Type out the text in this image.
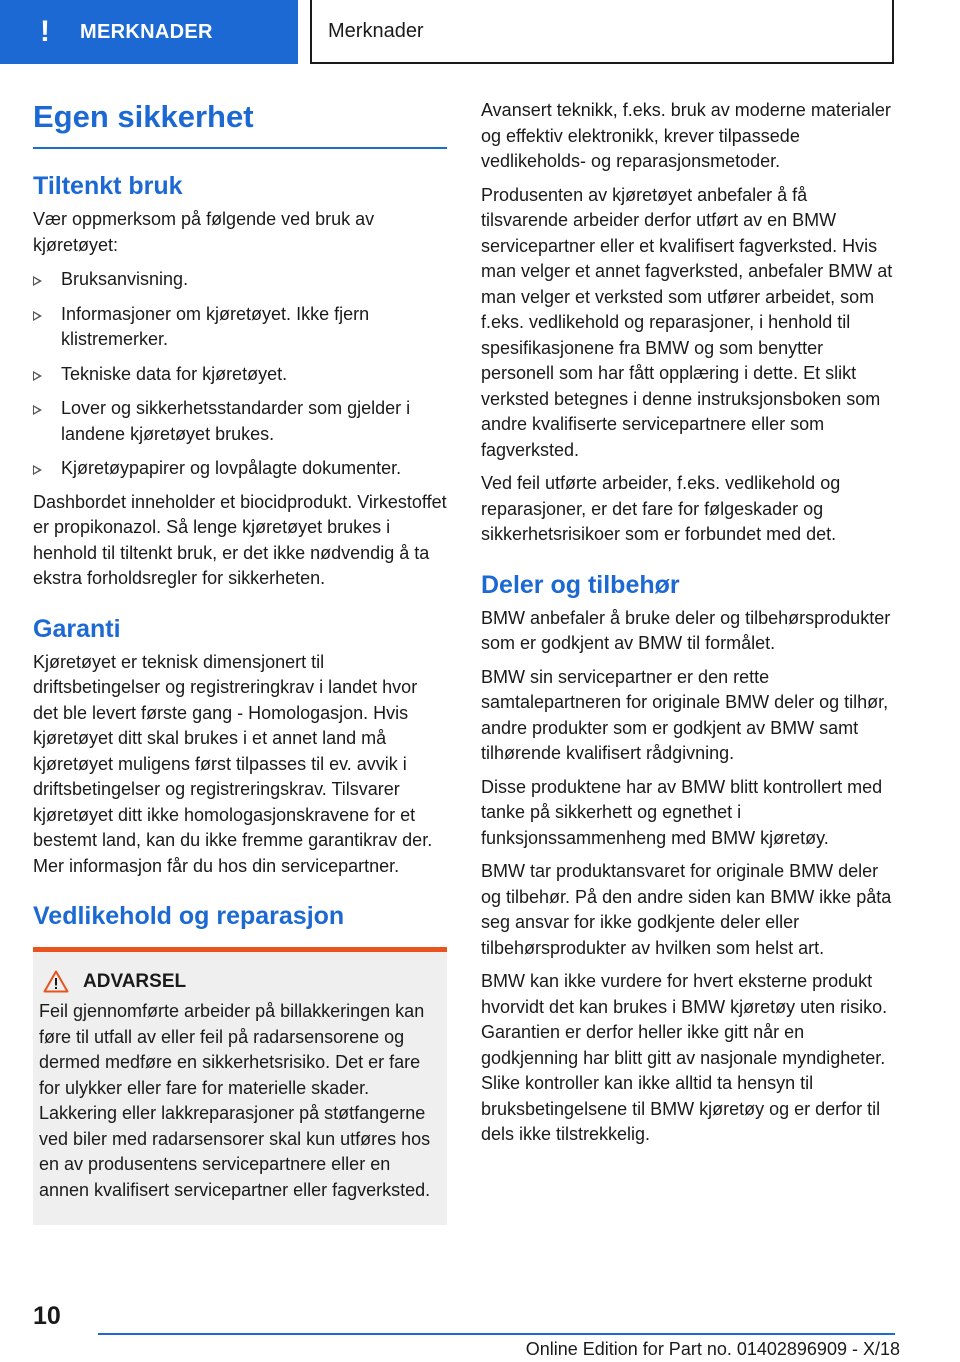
! MERKNADER	Merknader
Egen sikkerhet
Tiltenkt bruk

Vær oppmerksom på følgende ved bruk av kjøretøyet:

Bruksanvisning.
Informasjoner om kjøretøyet. Ikke fjern klistremerker.
Tekniske data for kjøretøyet.
Lover og sikkerhetsstandarder som gjelder i landene kjøretøyet brukes.
Kjøretøypapirer og lovpålagte dokumenter.

Dashbordet inneholder et biocidprodukt. Virkestoffet er propikonazol. Så lenge kjøretøyet brukes i henhold til tiltenkt bruk, er det ikke nødvendig å ta ekstra forholdsregler for sikkerheten.

Garanti

Kjøretøyet er teknisk dimensjonert til driftsbetingelser og registreringkrav i landet hvor det ble levert første gang - Homologasjon. Hvis kjøretøyet ditt skal brukes i et annet land må kjøretøyet muligens først tilpasses til ev. avvik i driftsbetingelser og registreringskrav. Tilsvarer kjøretøyet ditt ikke homologasjonskravene for et bestemt land, kan du ikke fremme garantikrav der. Mer informasjon får du hos din servicepartner.

Vedlikehold og reparasjon
ADVARSEL

Feil gjennomførte arbeider på billakkeringen kan føre til utfall av eller feil på radarsensorene og dermed medføre en sikkerhetsrisiko. Det er fare for ulykker eller fare for materielle skader. Lakkering eller lakkreparasjoner på støtfangerne ved biler med radarsensorer skal kun utføres hos en av produsentens servicepartnere eller en annen kvalifisert servicepartner eller fagverksted.

Avansert teknikk, f.eks. bruk av moderne materialer og effektiv elektronikk, krever tilpassede vedlikeholds- og reparasjonsmetoder.

Produsenten av kjøretøyet anbefaler å få tilsvarende arbeider derfor utført av en BMW servicepartner eller et kvalifisert fagverksted. Hvis man velger et annet fagverksted, anbefaler BMW at man velger et verksted som utfører arbeidet, som f.eks. vedlikehold og reparasjoner, i henhold til spesifikasjonene fra BMW og som benytter personell som har fått opplæring i dette. Et slikt verksted betegnes i denne instruksjonsboken som andre kvalifiserte servicepartnere eller som fagverksted.

Ved feil utførte arbeider, f.eks. vedlikehold og reparasjoner, er det fare for følgeskader og sikkerhetsrisikoer som er forbundet med det.

Deler og tilbehør

BMW anbefaler å bruke deler og tilbehørsprodukter som er godkjent av BMW til formålet.

BMW sin servicepartner er den rette samtalepartneren for originale BMW deler og tilhør, andre produkter som er godkjent av BMW samt tilhørende kvalifisert rådgivning.

Disse produktene har av BMW blitt kontrollert med tanke på sikkerhett og egnethet i funksjonssammenheng med BMW kjøretøy.

BMW tar produktansvaret for originale BMW deler og tilbehør. På den andre siden kan BMW ikke påta seg ansvar for ikke godkjente deler eller tilbehørsprodukter av hvilken som helst art.

BMW kan ikke vurdere for hvert eksterne produkt hvorvidt det kan brukes i BMW kjøretøy uten risiko. Garantien er derfor heller ikke gitt når en godkjenning har blitt gitt av nasjonale myndigheter. Slike kontroller kan ikke alltid ta hensyn til bruksbetingelsene til BMW kjøretøy og er derfor til dels ikke tilstrekkelig.

10
Online Edition for Part no. 01402896909 - X/18
